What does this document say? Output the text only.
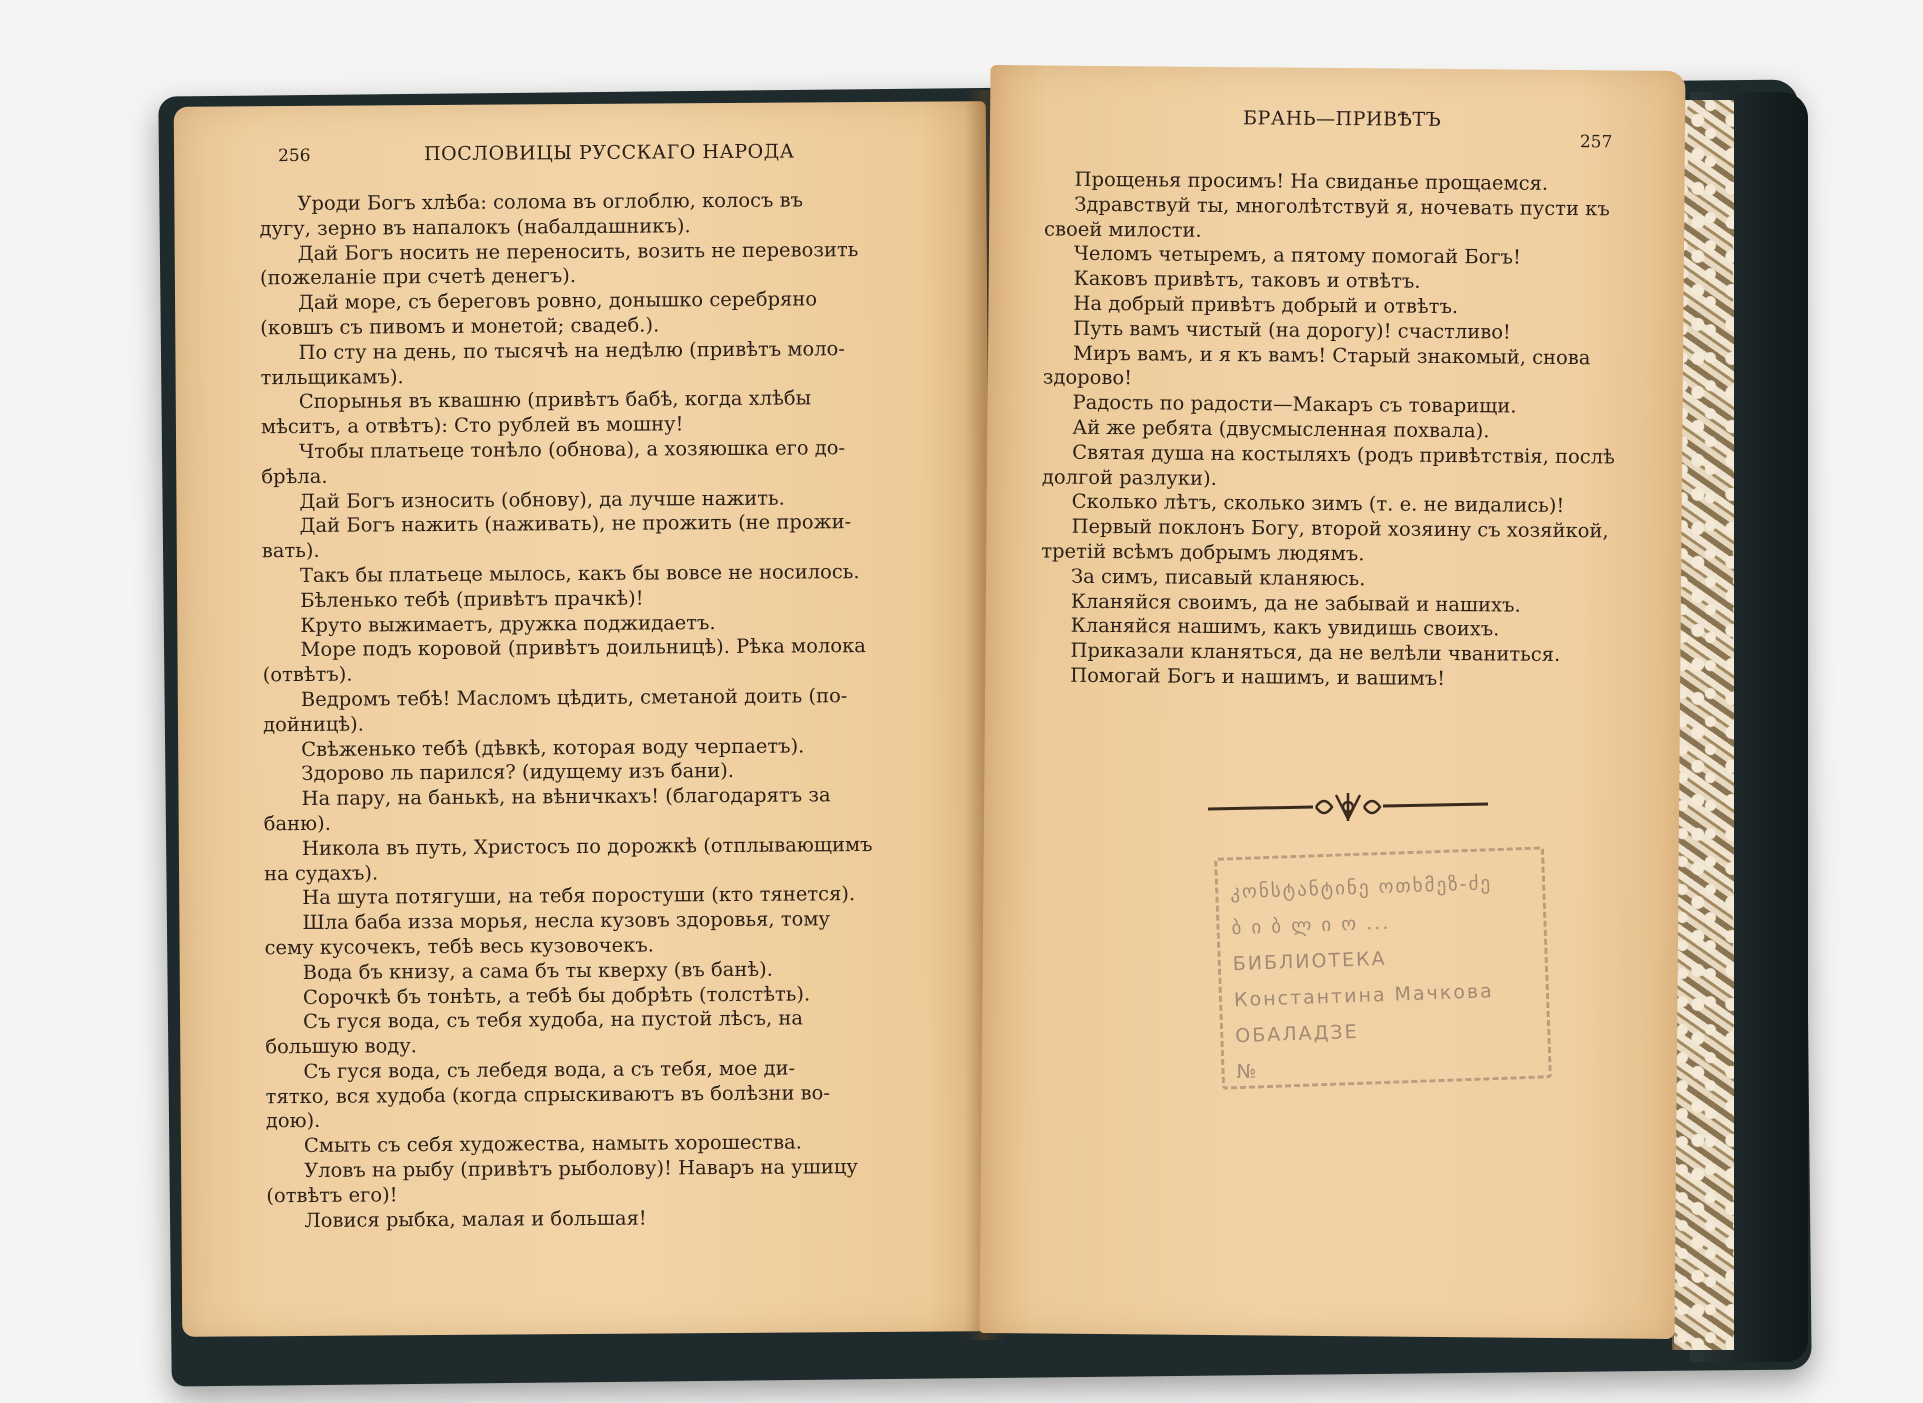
256	ПОСЛОВИЦЫ РУССКАГО НАРОДА
Уроди Богъ хлѣба: солома въ оглоблю, колосъ въ
дугу, зерно въ напалокъ (набалдашникъ).
Дай Богъ носить не переносить, возить не перевозить
(пожеланіе при счетѣ денегъ).
Дай море, съ береговъ ровно, донышко серебряно
(ковшъ съ пивомъ и монетой; свадеб.).
По сту на день, по тысячѣ на недѣлю (привѣтъ моло-
тильщикамъ).
Спорынья въ квашню (привѣтъ бабѣ, когда хлѣбы
мѣситъ, а отвѣтъ): Сто рублей въ мошну!
Чтобы платьеце тонѣло (обнова), а хозяюшка его до-
брѣла.
Дай Богъ износить (обнову), да лучше нажить.
Дай Богъ нажить (наживать), не прожить (не прожи-
вать).
Такъ бы платьеце мылось, какъ бы вовсе не носилось.
Бѣленько тебѣ (привѣтъ прачкѣ)!
Круто выжимаетъ, дружка поджидаетъ.
Море подъ коровой (привѣтъ доильницѣ). Рѣка молока
(отвѣтъ).
Ведромъ тебѣ! Масломъ цѣдить, сметаной доить (по-
дойницѣ).
Свѣженько тебѣ (дѣвкѣ, которая воду черпаетъ).
Здорово ль парился? (идущему изъ бани).
На пару, на банькѣ, на вѣничкахъ! (благодарятъ за
баню).
Никола въ путь, Христосъ по дорожкѣ (отплывающимъ
на судахъ).
На шута потягуши, на тебя поростуши (кто тянется).
Шла баба изза морья, несла кузовъ здоровья, тому
сему кусочекъ, тебѣ весь кузовочекъ.
Вода бъ книзу, а сама бъ ты кверху (въ банѣ).
Сорочкѣ бъ тонѣть, а тебѣ бы добрѣть (толстѣть).
Съ гуся вода, съ тебя худоба, на пустой лѣсъ, на
большую воду.
Съ гуся вода, съ лебедя вода, а съ тебя, мое ди-
тятко, вся худоба (когда спрыскиваютъ въ болѣзни во-
дою).
Смыть съ себя художества, намыть хорошества.
Уловъ на рыбу (привѣтъ рыболову)! Наваръ на ушицу
(отвѣтъ его)!
Ловися рыбка, малая и большая!
БРАНЬ—ПРИВѢТЪ
257
Прощенья просимъ! На свиданье прощаемся.
Здравствуй ты, многолѣтствуй я, ночевать пусти къ
своей милости.
Челомъ четыремъ, а пятому помогай Богъ!
Каковъ привѣтъ, таковъ и отвѣтъ.
На добрый привѣтъ добрый и отвѣтъ.
Путь вамъ чистый (на дорогу)! счастливо!
Миръ вамъ, и я къ вамъ! Старый знакомый, снова
здорово!
Радость по радости—Макаръ съ товарищи.
Ай же ребята (двусмысленная похвала).
Святая душа на костыляхъ (родъ привѣтствія, послѣ
долгой разлуки).
Сколько лѣтъ, сколько зимъ (т. е. не видались)!
Первый поклонъ Богу, второй хозяину съ хозяйкой,
третій всѣмъ добрымъ людямъ.
За симъ, писавый кланяюсь.
Кланяйся своимъ, да не забывай и нашихъ.
Кланяйся нашимъ, какъ увидишь своихъ.
Приказали кланяться, да не велѣли чваниться.
Помогай Богъ и нашимъ, и вашимъ!
კონსტანტინე ოთხმეზ-ძე
ბ ი ბ ლ ი ო ...
БИБЛИОТЕКА
Константина Мачкова
ОБАЛАДЗЕ
№
